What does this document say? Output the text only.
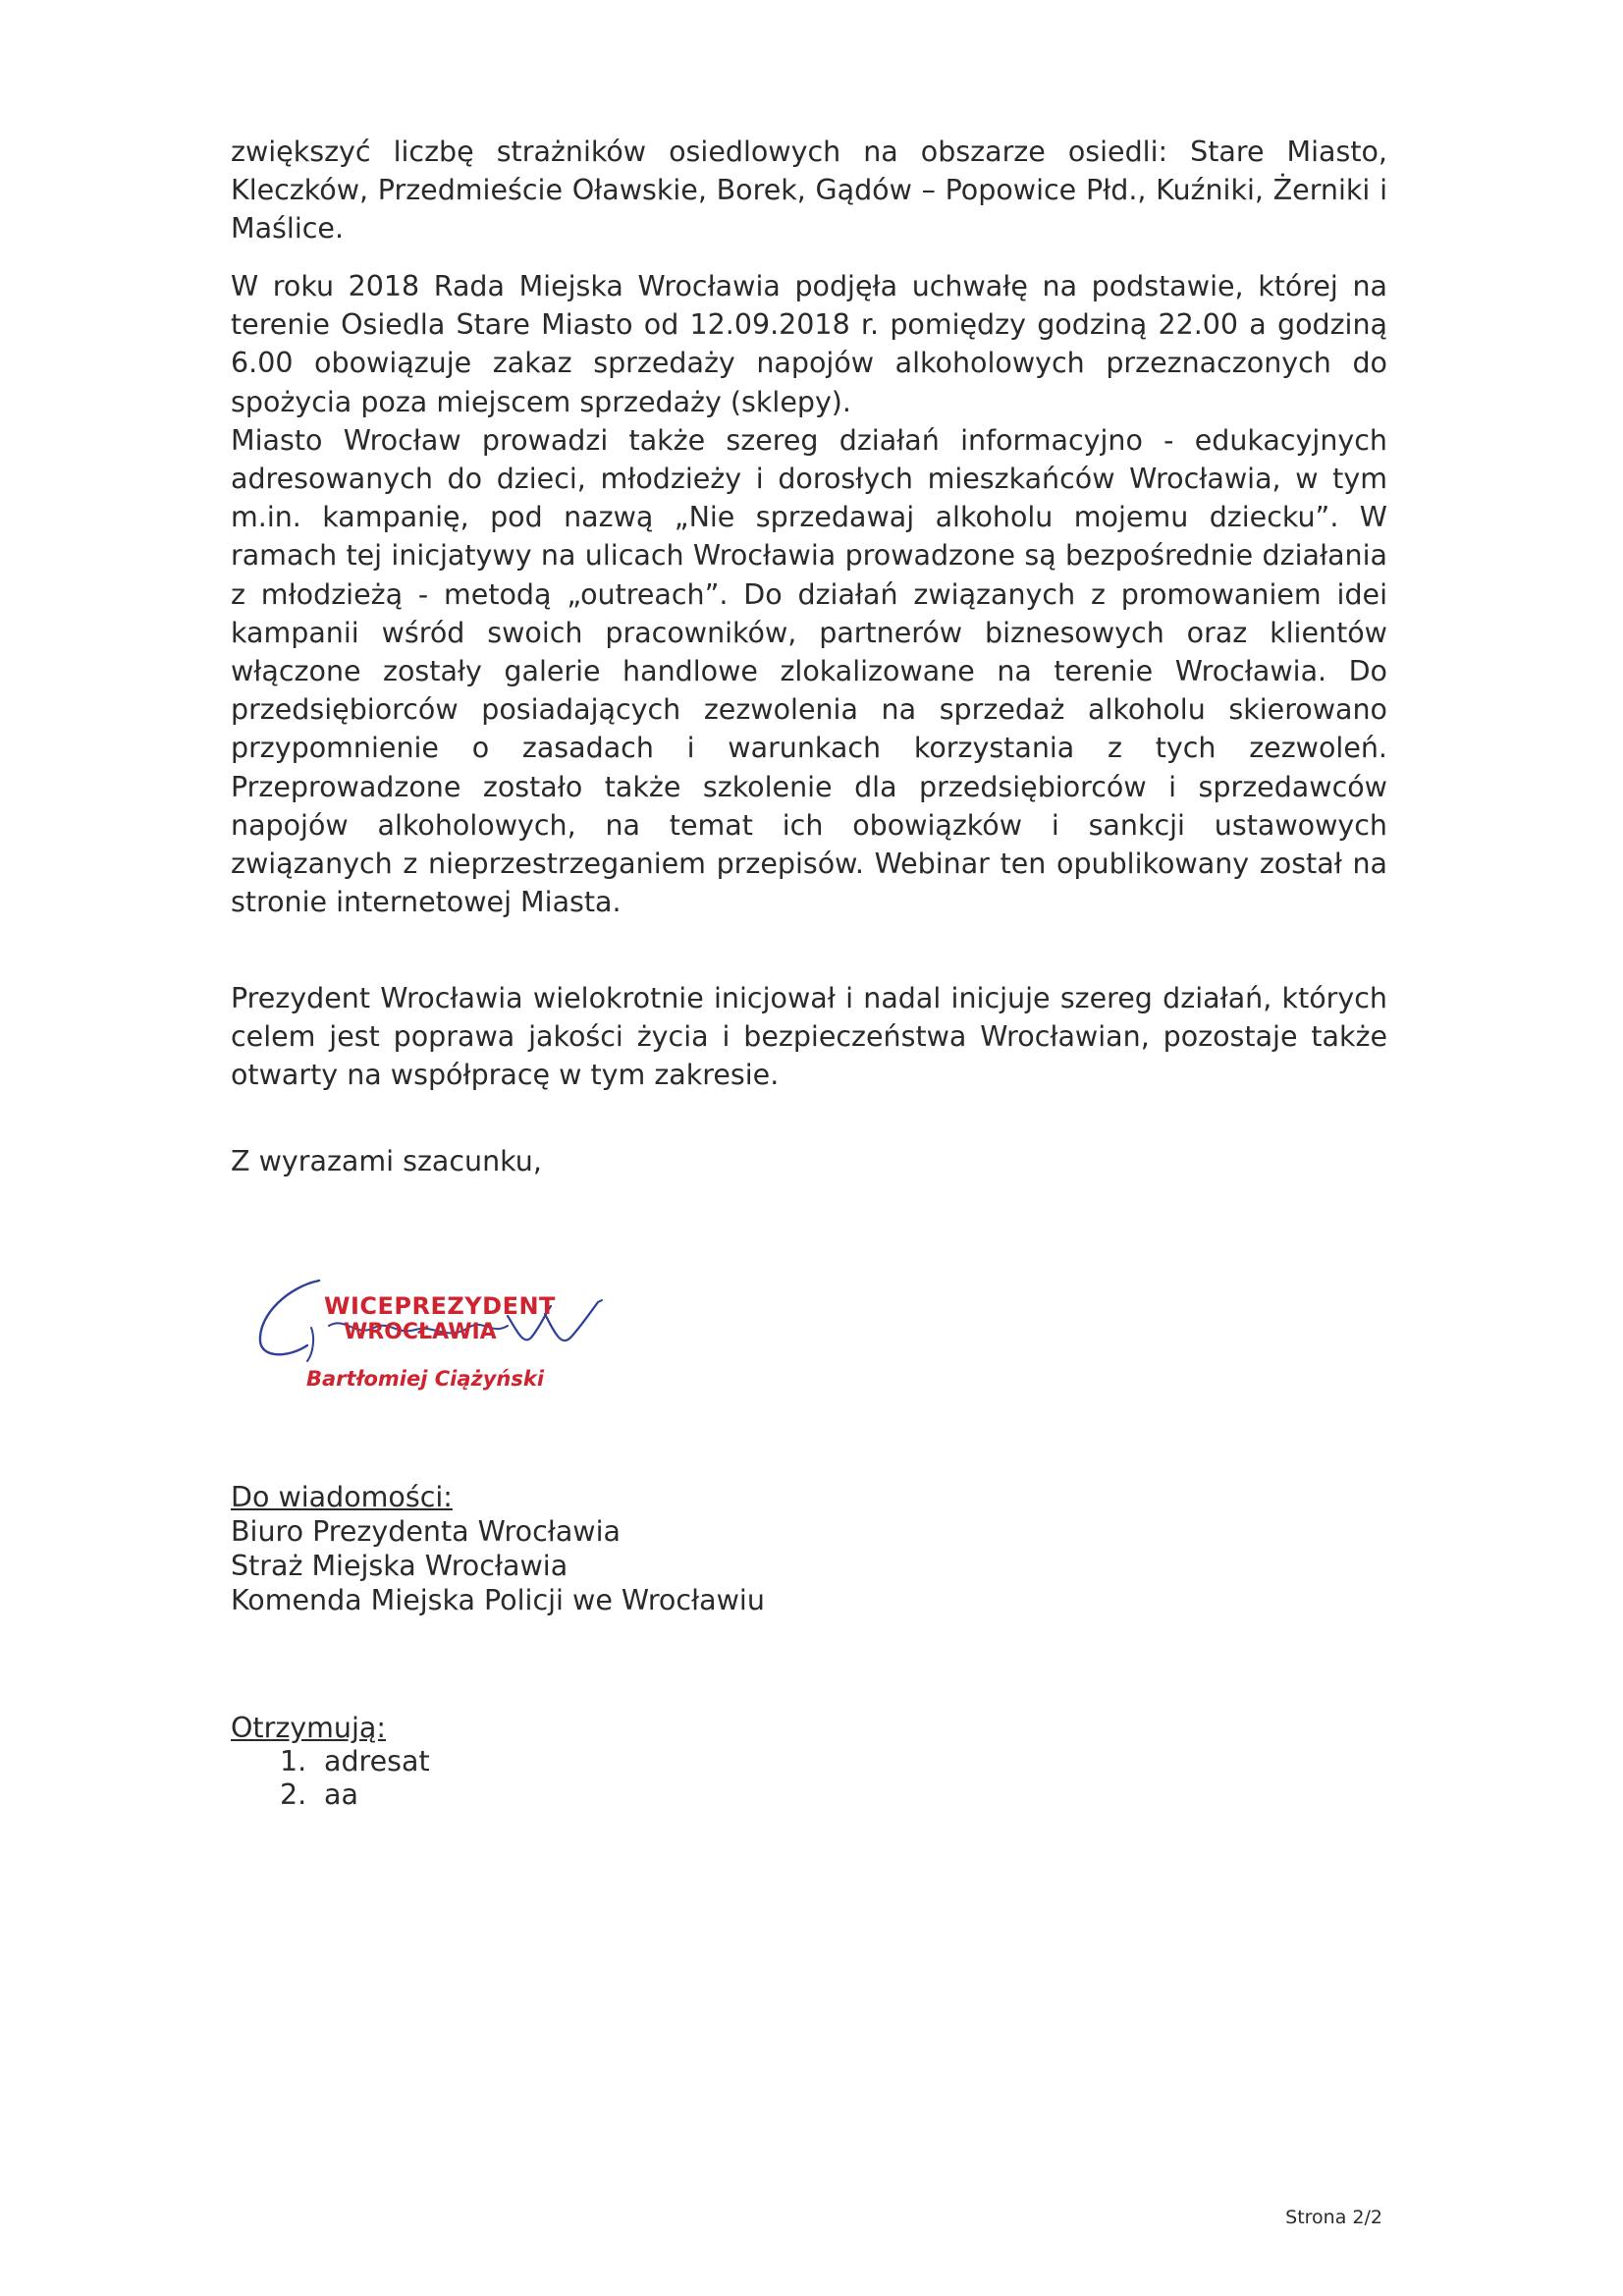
zwiększyć liczbę strażników osiedlowych na obszarze osiedli: Stare Miasto, Kleczków, Przedmieście Oławskie, Borek, Gądów – Popowice Płd., Kuźniki, Żerniki i Maślice.

W roku 2018 Rada Miejska Wrocławia podjęła uchwałę na podstawie, której na terenie Osiedla Stare Miasto od 12.09.2018 r. pomiędzy godziną 22.00 a godziną 6.00 obowiązuje zakaz sprzedaży napojów alkoholowych przeznaczonych do spożycia poza miejscem sprzedaży (sklepy).
Miasto Wrocław prowadzi także szereg działań informacyjno - edukacyjnych adresowanych do dzieci, młodzieży i dorosłych mieszkańców Wrocławia, w tym m.in. kampanię, pod nazwą „Nie sprzedawaj alkoholu mojemu dziecku”. W ramach tej inicjatywy na ulicach Wrocławia prowadzone są bezpośrednie działania z młodzieżą - metodą „outreach”. Do działań związanych z promowaniem idei kampanii wśród swoich pracowników, partnerów biznesowych oraz klientów włączone zostały galerie handlowe zlokalizowane na terenie Wrocławia. Do przedsiębiorców posiadających zezwolenia na sprzedaż alkoholu skierowano przypomnienie o zasadach i warunkach korzystania z tych zezwoleń. Przeprowadzone zostało także szkolenie dla przedsiębiorców i sprzedawców napojów alkoholowych, na temat ich obowiązków i sankcji ustawowych związanych z nieprzestrzeganiem przepisów. Webinar ten opublikowany został na stronie internetowej Miasta.

Prezydent Wrocławia wielokrotnie inicjował i nadal inicjuje szereg działań, których celem jest poprawa jakości życia i bezpieczeństwa Wrocławian, pozostaje także otwarty na współpracę w tym zakresie.

Z wyrazami szacunku,

WICEPREZYDENT
WROCŁAWIA
Bartłomiej Ciążyński
Do wiadomości:
Biuro Prezydenta Wrocławia
Straż Miejska Wrocławia
Komenda Miejska Policji we Wrocławiu
Otrzymują:
1. adresat
2. aa
Strona 2/2
